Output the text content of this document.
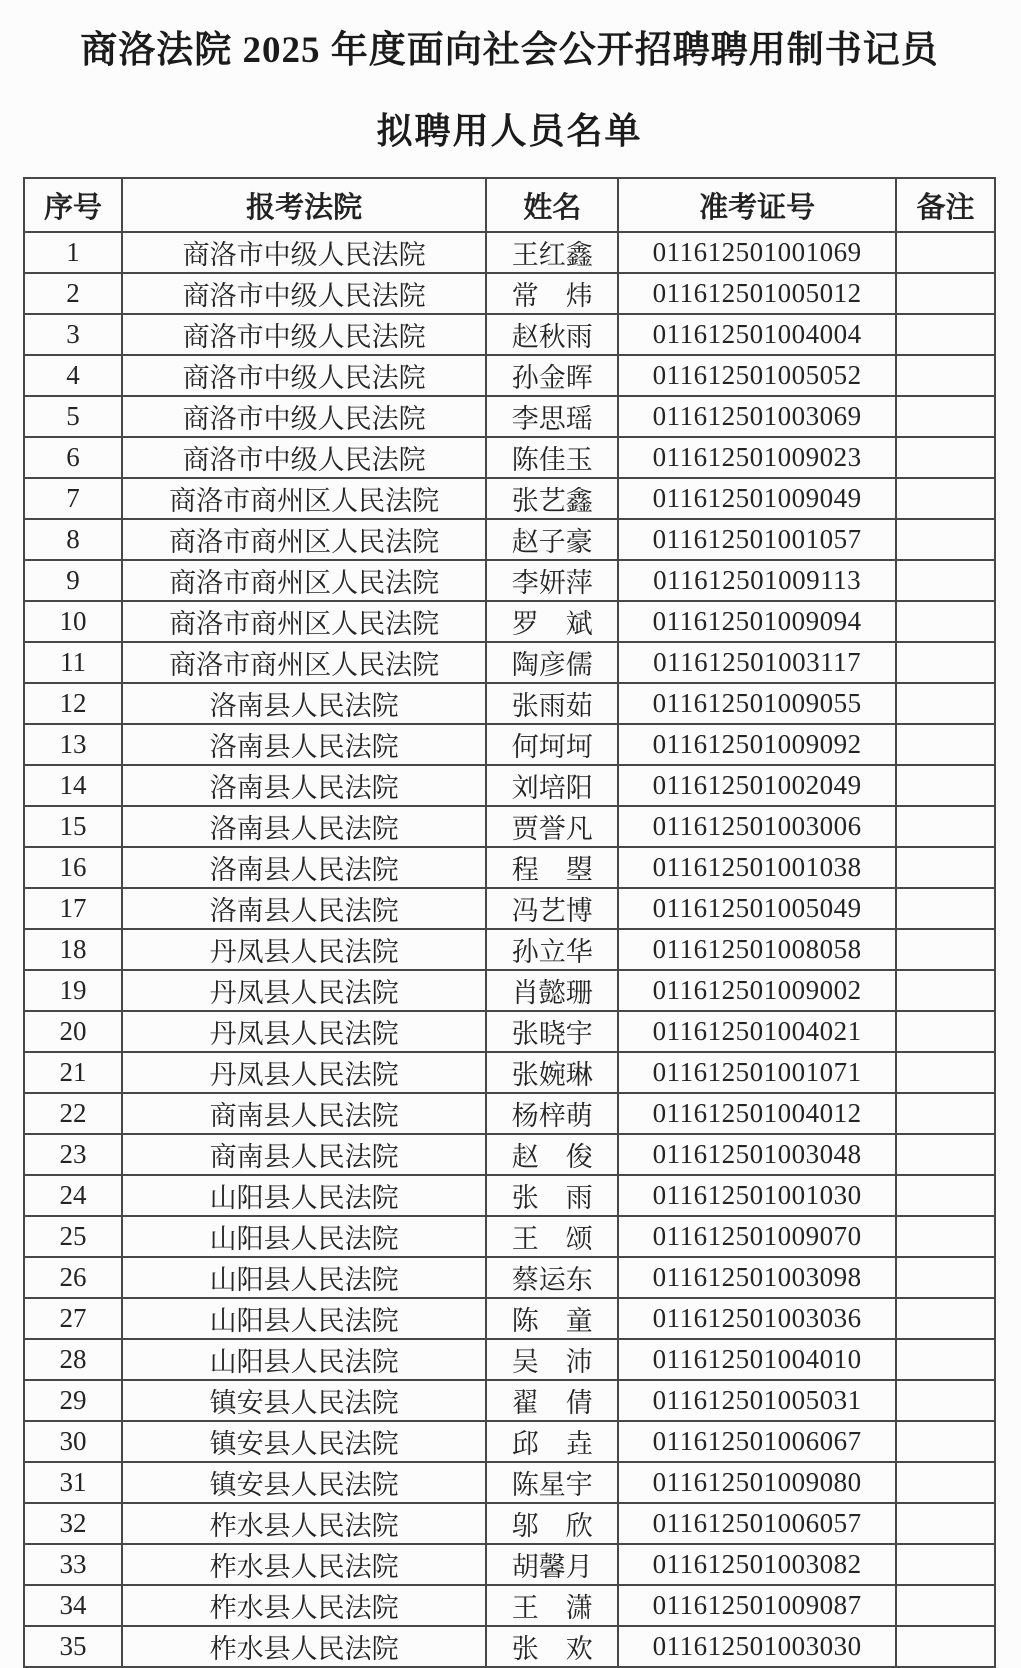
商洛法院 2025 年度面向社会公开招聘聘用制书记员
拟聘用人员名单
序号	报考法院	姓名	准考证号	备注
1	商洛市中级人民法院	王红鑫	011612501001069	
2	商洛市中级人民法院	常　炜	011612501005012	
3	商洛市中级人民法院	赵秋雨	011612501004004	
4	商洛市中级人民法院	孙金晖	011612501005052	
5	商洛市中级人民法院	李思瑶	011612501003069	
6	商洛市中级人民法院	陈佳玉	011612501009023	
7	商洛市商州区人民法院	张艺鑫	011612501009049	
8	商洛市商州区人民法院	赵子豪	011612501001057	
9	商洛市商州区人民法院	李妍萍	011612501009113	
10	商洛市商州区人民法院	罗　斌	011612501009094	
11	商洛市商州区人民法院	陶彦儒	011612501003117	
12	洛南县人民法院	张雨茹	011612501009055	
13	洛南县人民法院	何坷坷	011612501009092	
14	洛南县人民法院	刘培阳	011612501002049	
15	洛南县人民法院	贾誉凡	011612501003006	
16	洛南县人民法院	程　曌	011612501001038	
17	洛南县人民法院	冯艺博	011612501005049	
18	丹凤县人民法院	孙立华	011612501008058	
19	丹凤县人民法院	肖懿珊	011612501009002	
20	丹凤县人民法院	张晓宇	011612501004021	
21	丹凤县人民法院	张婉琳	011612501001071	
22	商南县人民法院	杨梓萌	011612501004012	
23	商南县人民法院	赵　俊	011612501003048	
24	山阳县人民法院	张　雨	011612501001030	
25	山阳县人民法院	王　颂	011612501009070	
26	山阳县人民法院	蔡运东	011612501003098	
27	山阳县人民法院	陈　童	011612501003036	
28	山阳县人民法院	吴　沛	011612501004010	
29	镇安县人民法院	翟　倩	011612501005031	
30	镇安县人民法院	邱　垚	011612501006067	
31	镇安县人民法院	陈星宇	011612501009080	
32	柞水县人民法院	邬　欣	011612501006057	
33	柞水县人民法院	胡馨月	011612501003082	
34	柞水县人民法院	王　潇	011612501009087	
35	柞水县人民法院	张　欢	011612501003030	
